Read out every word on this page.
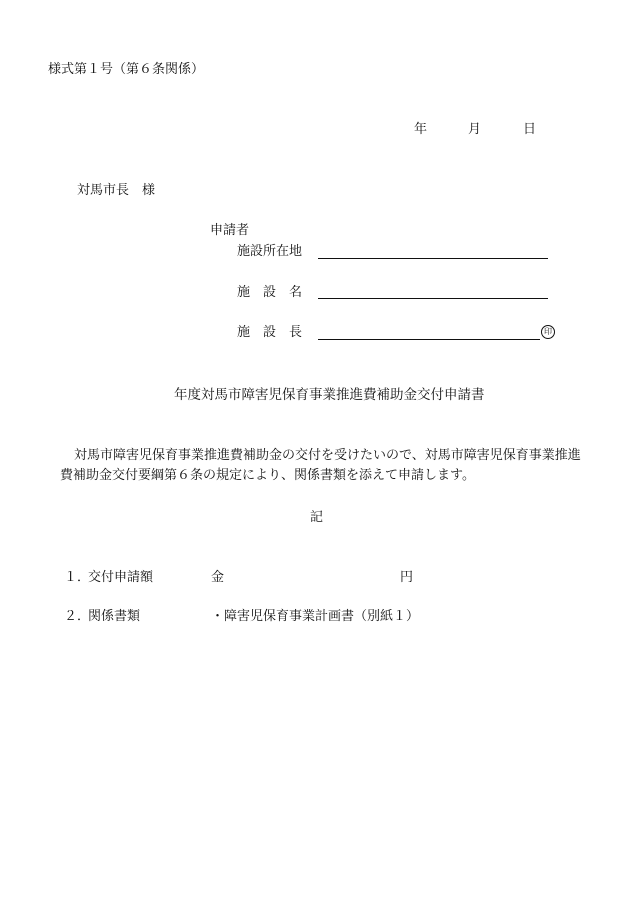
様式第１号（第６条関係）
年	月	日
対馬市長　様
申請者
施設所在地
施　設　名
施　設　長	印
年度対馬市障害児保育事業推進費補助金交付申請書
対馬市障害児保育事業推進費補助金の交付を受けたいので、対馬市障害児保育事業推進費補助金交付要綱第６条の規定により、関係書類を添えて申請します。
記
１．
交付申請額	金	円
２．
関係書類	・障害児保育事業計画書（別紙１）
